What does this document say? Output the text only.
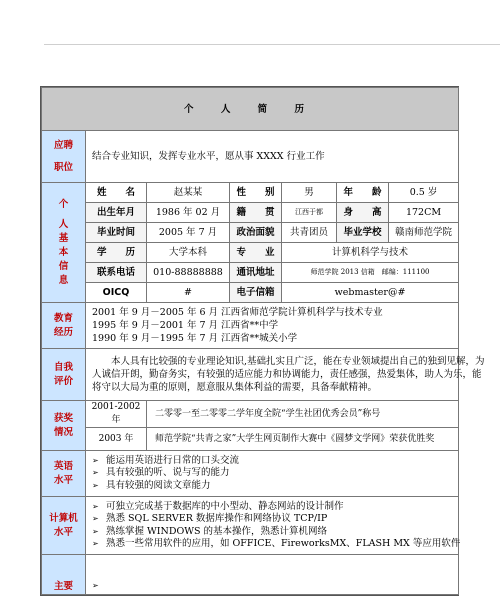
个 人 简 历

应聘
职位
	结合专业知识，发挥专业水平，愿从事 XXXX 行业工作

个
人
基
本
信
息
	姓　　名	赵某某	性　　别	男	年　　龄	0.5 岁
出生年月	1986 年 02 月	籍　　贯	江西于都	身　　高	172CM
毕业时间	2005 年 7 月	政治面貌	共青团员	毕业学校	赣南师范学院
学　　历	大学本科	专　　业	计算机科学与技术
联系电话	010-88888888	通讯地址	师范学院 2013 信箱　邮编：111100
OICQ	#	电子信箱	webmaster@#

教育
经历

2001 年 9 月－2005 年 6 月 江西省师范学院计算机科学与技术专业
1995 年 9 月－2001 年 7 月 江西省**中学
1990 年 9 月－1995 年 7 月 江西省**城关小学

自我
评价

　　本人具有比较强的专业理论知识,基础扎实且广泛，能在专业领域提出自己的独到见解，为
人诚信开朗，勤奋务实，有较强的适应能力和协调能力，责任感强，热爱集体，助人为乐，能
将守以大局为重的原则，愿意服从集体利益的需要，具备奉献精神。

获奖
情况

2001-2002 年	二零零一至二零零二学年度全院“学生社团优秀会员”称号
2003 年	师范学院“共青之家”大学生网页制作大赛中《圆梦文学网》荣获优胜奖

英语
水平

➢ 能运用英语进行日常的口头交流
➢ 具有较强的听、说与写的能力
➢ 具有较强的阅读文章能力

计算机
水平

➢ 可独立完成基于数据库的中小型动、静态网站的设计制作
➢ 熟悉 SQL SERVER 数据库操作和网络协议 TCP/IP
➢ 熟练掌握 WINDOWS 的基本操作，熟悉计算机网络
➢ 熟悉一些常用软件的应用，如 OFFICE、FireworksMX、FLASH MX 等应用软件

主要	➢
